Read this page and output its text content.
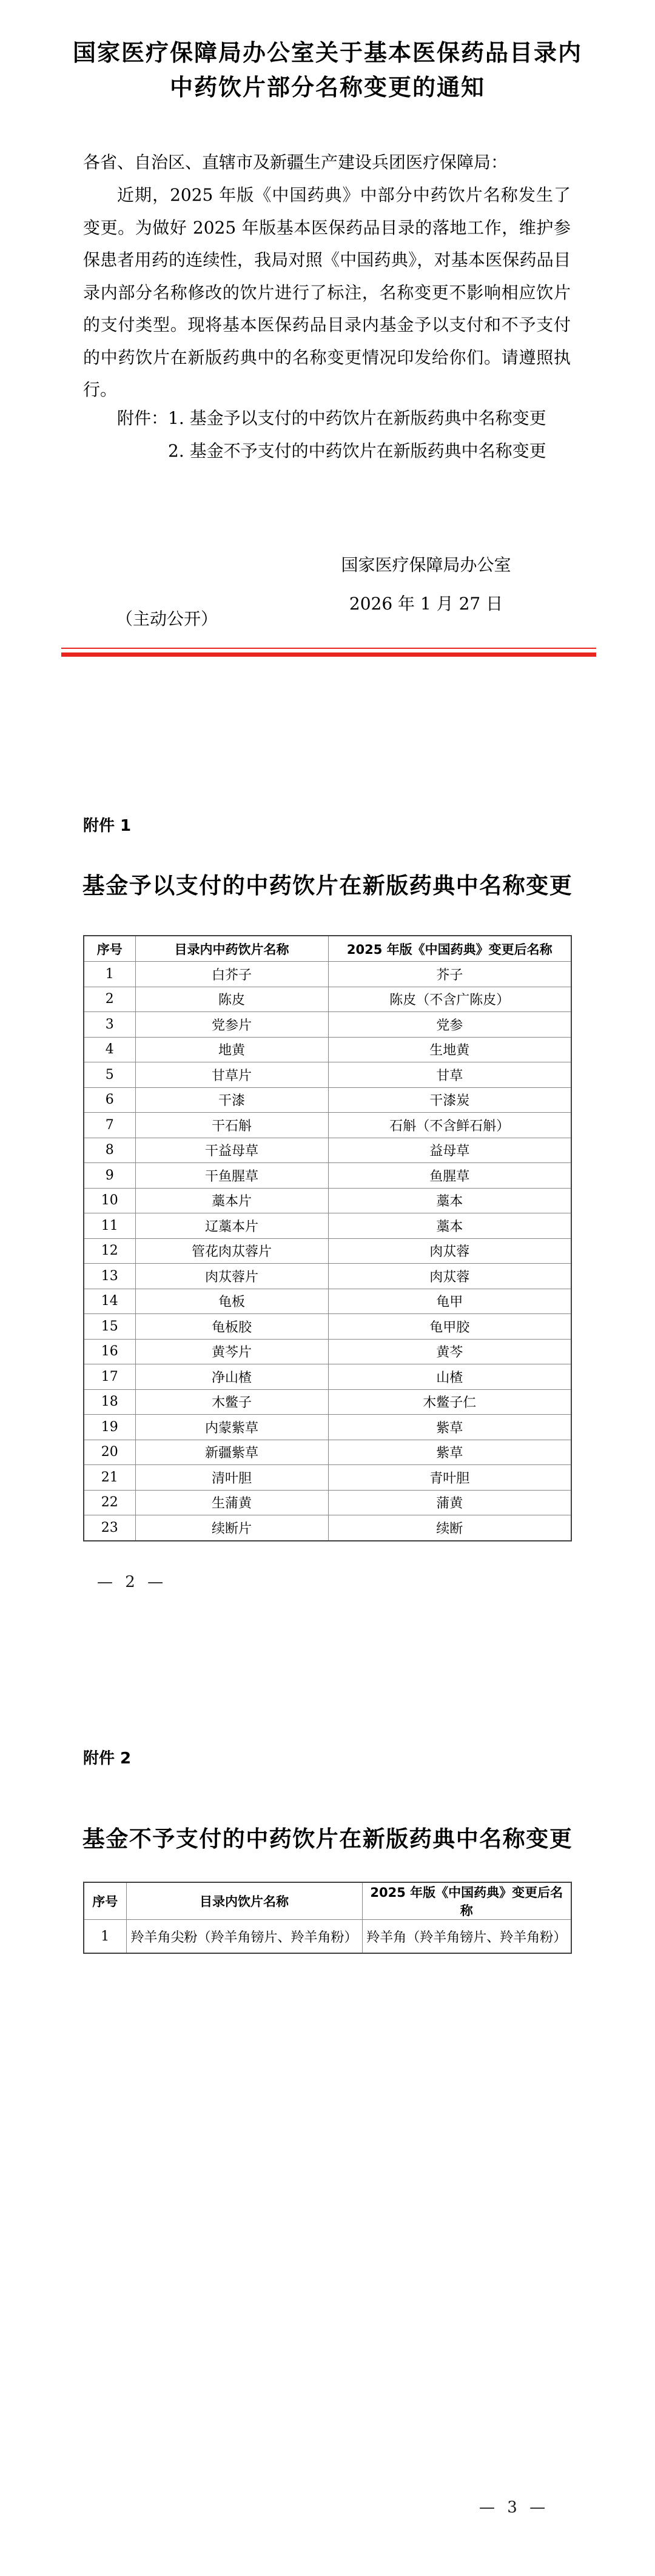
国家医疗保障局办公室关于基本医保药品目录内
中药饮片部分名称变更的通知
各省、自治区、直辖市及新疆生产建设兵团医疗保障局：
近期，2025 年版《中国药典》中部分中药饮片名称发生了变更。为做好 2025 年版基本医保药品目录的落地工作，维护参保患者用药的连续性，我局对照《中国药典》，对基本医保药品目录内部分名称修改的饮片进行了标注，名称变更不影响相应饮片的支付类型。现将基本医保药品目录内基金予以支付和不予支付的中药饮片在新版药典中的名称变更情况印发给你们。请遵照执行。
附件：1. 基金予以支付的中药饮片在新版药典中名称变更
2. 基金不予支付的中药饮片在新版药典中名称变更
国家医疗保障局办公室
2026 年 1 月 27 日
（主动公开）
附件 1
基金予以支付的中药饮片在新版药典中名称变更
序号	目录内中药饮片名称	2025 年版《中国药典》变更后名称
1	白芥子	芥子
2	陈皮	陈皮（不含广陈皮）
3	党参片	党参
4	地黄	生地黄
5	甘草片	甘草
6	干漆	干漆炭
7	干石斛	石斛（不含鲜石斛）
8	干益母草	益母草
9	干鱼腥草	鱼腥草
10	藁本片	藁本
11	辽藁本片	藁本
12	管花肉苁蓉片	肉苁蓉
13	肉苁蓉片	肉苁蓉
14	龟板	龟甲
15	龟板胶	龟甲胶
16	黄芩片	黄芩
17	净山楂	山楂
18	木鳖子	木鳖子仁
19	内蒙紫草	紫草
20	新疆紫草	紫草
21	清叶胆	青叶胆
22	生蒲黄	蒲黄
23	续断片	续断
— 2 —
附件 2
基金不予支付的中药饮片在新版药典中名称变更
序号	目录内饮片名称	2025 年版《中国药典》变更后名称
1	羚羊角尖粉（羚羊角镑片、羚羊角粉）	羚羊角（羚羊角镑片、羚羊角粉）
— 3 —
